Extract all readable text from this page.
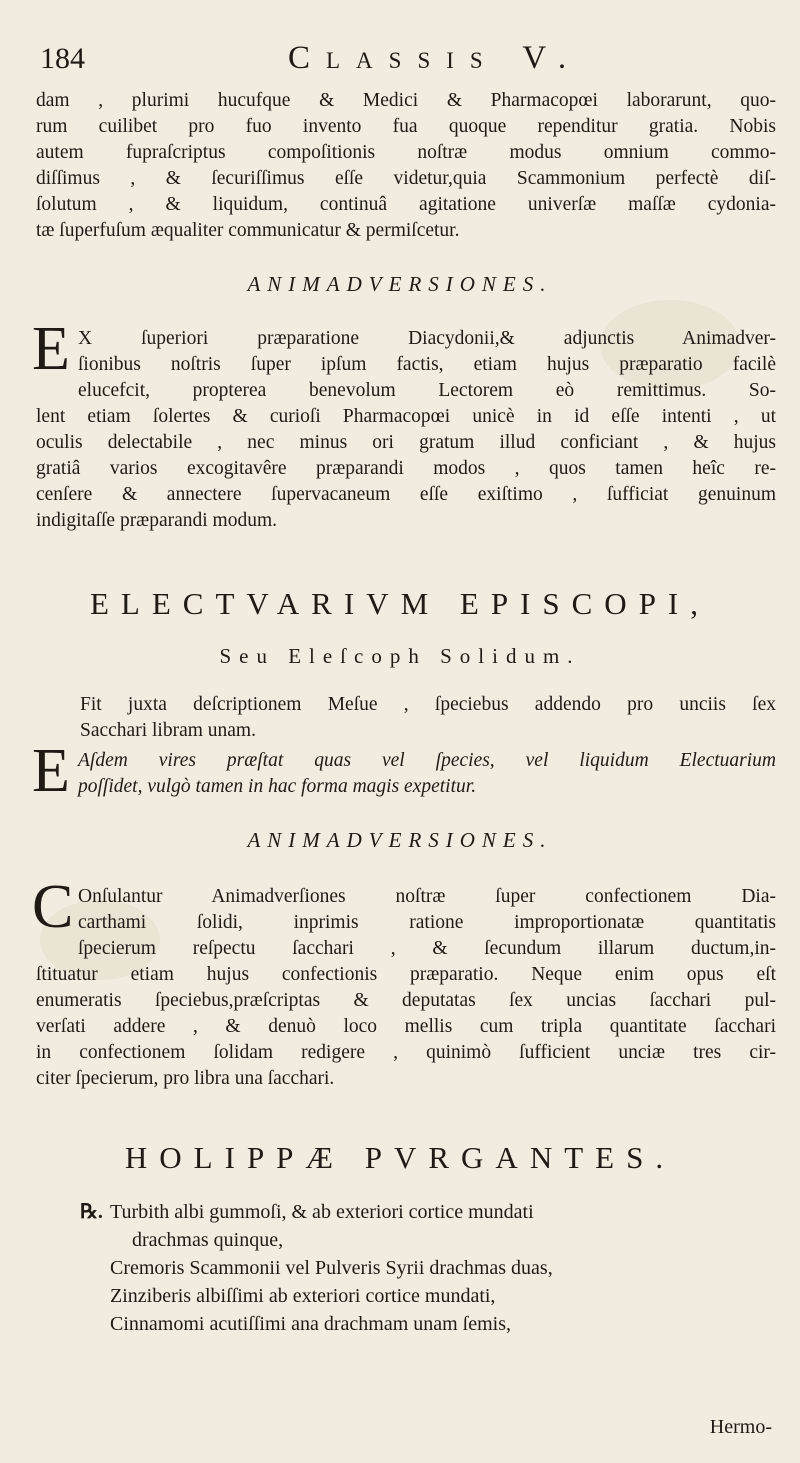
184	Classis V.
dam , plurimi hucufque & Medici & Pharmacopœi laborarunt, quo-
rum cuilibet pro fuo invento fua quoque rependitur gratia. Nobis
autem fupraſcriptus compoſitionis noſtræ modus omnium commo-
diſſimus , & ſecuriſſimus eſſe videtur,quia Scammonium perfectè diſ-
ſolutum , & liquidum, continuâ agitatione univerſæ maſſæ cydonia-
tæ ſuperfuſum æqualiter communicatur & permiſcetur.
ANIMADVERSIONES.
E X ſuperiori præparatione Diacydonii,& adjunctis Animadver-
ſionibus noſtris ſuper ipſum factis, etiam hujus præparatio facilè
elucefcit, propterea benevolum Lectorem eò remittimus. So-
lent etiam ſolertes & curioſi Pharmacopœi unicè in id eſſe intenti , ut
oculis delectabile , nec minus ori gratum illud conficiant , & hujus
gratiâ varios excogitavêre præparandi modos , quos tamen heîc re-
cenſere & annectere ſupervacaneum eſſe exiſtimo , ſufficiat genuinum
indigitaſſe præparandi modum.
ELECTVARIVM EPISCOPI,
Seu Eleſcoph Solidum.
Fit juxta deſcriptionem Meſue , ſpeciebus addendo pro unciis ſex
Sacchari libram unam.
E Aſdem vires præſtat quas vel ſpecies, vel liquidum Electuarium
poſſidet, vulgò tamen in hac forma magis expetitur.
ANIMADVERSIONES.
C Onſulantur Animadverſiones noſtræ ſuper confectionem Dia-
carthami ſolidi, inprimis ratione improportionatæ quantitatis
ſpecierum reſpectu ſacchari , & ſecundum illarum ductum,in-
ſtituatur etiam hujus confectionis præparatio. Neque enim opus eſt
enumeratis ſpeciebus,præſcriptas & deputatas ſex uncias ſacchari pul-
verſati addere , & denuò loco mellis cum tripla quantitate ſacchari
in confectionem ſolidam redigere , quinimò ſufficient unciæ tres cir-
citer ſpecierum, pro libra una ſacchari.
HOLIPPÆ PVRGANTES.
℞. Turbith albi gummoſi, & ab exteriori cortice mundati
drachmas quinque,
Cremoris Scammonii vel Pulveris Syrii drachmas duas,
Zinziberis albiſſimi ab exteriori cortice mundati,
Cinnamomi acutiſſimi ana drachmam unam ſemis,
Hermo-
